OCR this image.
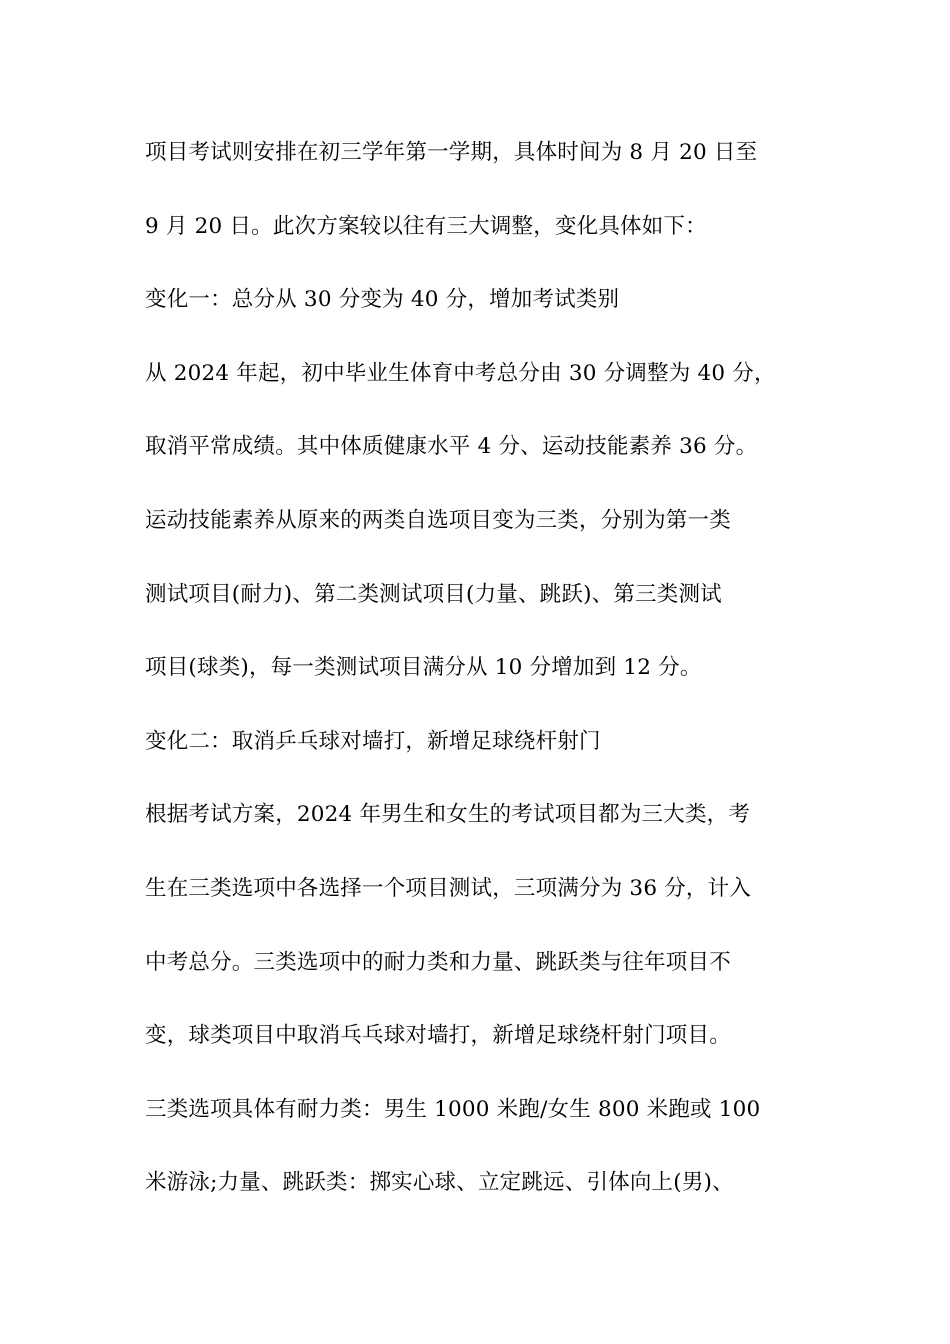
项目考试则安排在初三学年第一学期，具体时间为 8 月 20 日至
9 月 20 日。此次方案较以往有三大调整，变化具体如下：
变化一：总分从 30 分变为 40 分，增加考试类别
从 2024 年起，初中毕业生体育中考总分由 30 分调整为 40 分，
取消平常成绩。其中体质健康水平 4 分、运动技能素养 36 分。
运动技能素养从原来的两类自选项目变为三类，分别为第一类
测试项目(耐力)、第二类测试项目(力量、跳跃)、第三类测试
项目(球类)，每一类测试项目满分从 10 分增加到 12 分。
变化二：取消乒乓球对墙打，新增足球绕杆射门
根据考试方案，2024 年男生和女生的考试项目都为三大类，考
生在三类选项中各选择一个项目测试，三项满分为 36 分，计入
中考总分。三类选项中的耐力类和力量、跳跃类与往年项目不
变，球类项目中取消乓乓球对墙打，新增足球绕杆射门项目。
三类选项具体有耐力类：男生 1000 米跑/女生 800 米跑或 100
米游泳;力量、跳跃类：掷实心球、立定跳远、引体向上(男)、
